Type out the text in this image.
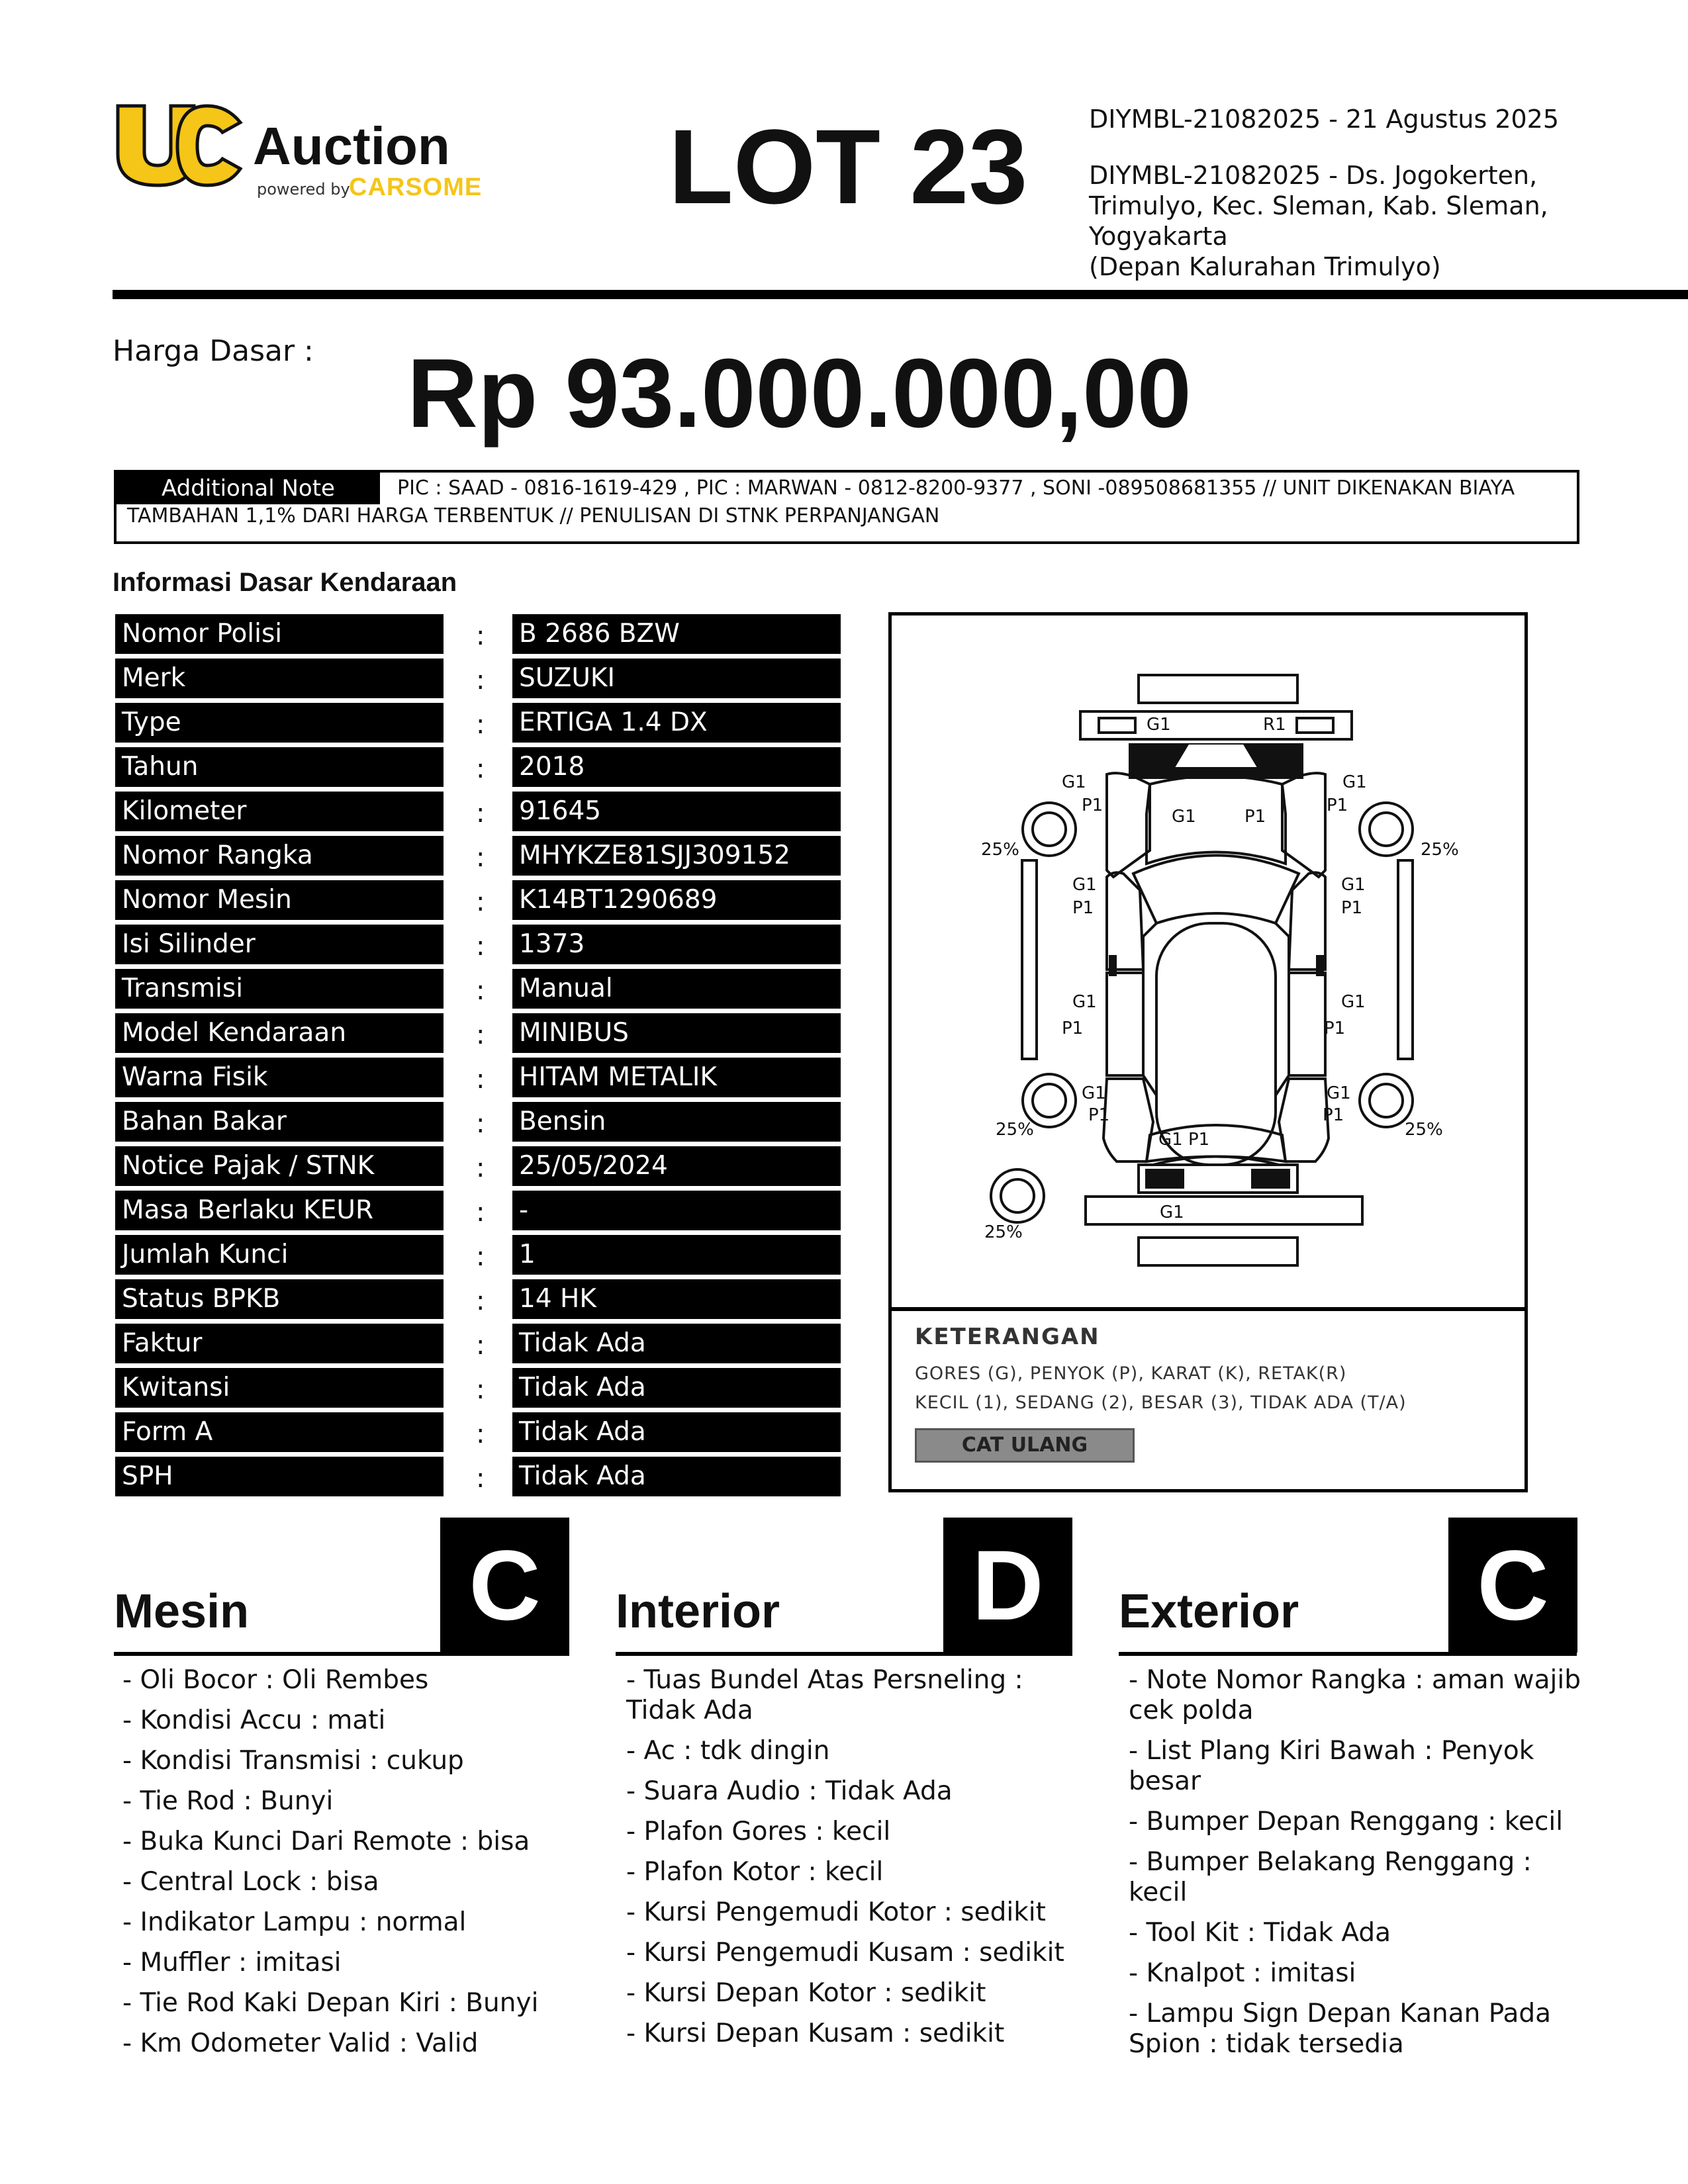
Auction
powered by
CARSOME LOT 23 DIYMBL-21082025 - 21 Agustus 2025
DIYMBL-21082025 - Ds. Jogokerten,
Trimulyo, Kec. Sleman, Kab. Sleman,
Yogyakarta
(Depan Kalurahan Trimulyo)
Harga Dasar : Rp 93.000.000,00
Additional Note	PIC : SAAD - 0816-1619-429 , PIC : MARWAN - 0812-8200-9377 , SONI -089508681355 // UNIT DIKENAKAN BIAYA
TAMBAHAN 1,1% DARI HARGA TERBENTUK // PENULISAN DI STNK PERPANJANGAN
Informasi Dasar Kendaraan
Nomor Polisi	: B 2686 BZW
Merk	: SUZUKI
Type	: ERTIGA 1.4 DX
Tahun	: 2018
Kilometer	: 91645
Nomor Rangka	: MHYKZE81SJJ309152
Nomor Mesin	: K14BT1290689
Isi Silinder	: 1373
Transmisi	: Manual
Model Kendaraan	: MINIBUS
Warna Fisik	: HITAM METALIK
Bahan Bakar	: Bensin
Notice Pajak / STNK	: 25/05/2024
Masa Berlaku KEUR	: -
Jumlah Kunci	: 1
Status BPKB	: 14 HK
Faktur	: Tidak Ada
Kwitansi	: Tidak Ada
Form A	: Tidak Ada
SPH	: Tidak Ada
G1	R1
G1	P1
G1
P1
G1
P1
G1
P1
G1
P1
G1
P1
G1
P1
G1
P1
G1
P1
G1 P1
G1
25%	25%
25%	25%
25%
KETERANGAN
GORES (G), PENYOK (P), KARAT (K), RETAK(R)
KECIL (1), SEDANG (2), BESAR (3), TIDAK ADA (T/A)
CAT ULANG
Mesin C
- Oli Bocor : Oli Rembes
- Kondisi Accu : mati
- Kondisi Transmisi : cukup
- Tie Rod : Bunyi
- Buka Kunci Dari Remote : bisa
- Central Lock : bisa
- Indikator Lampu : normal
- Muffler : imitasi
- Tie Rod Kaki Depan Kiri : Bunyi
- Km Odometer Valid : Valid
Interior D
- Tuas Bundel Atas Persneling : Tidak Ada
- Ac : tdk dingin
- Suara Audio : Tidak Ada
- Plafon Gores : kecil
- Plafon Kotor : kecil
- Kursi Pengemudi Kotor : sedikit
- Kursi Pengemudi Kusam : sedikit
- Kursi Depan Kotor : sedikit
- Kursi Depan Kusam : sedikit
Exterior C
- Note Nomor Rangka : aman wajib cek polda
- List Plang Kiri Bawah : Penyok besar
- Bumper Depan Renggang : kecil
- Bumper Belakang Renggang : kecil
- Tool Kit : Tidak Ada
- Knalpot : imitasi
- Lampu Sign Depan Kanan Pada Spion : tidak tersedia
